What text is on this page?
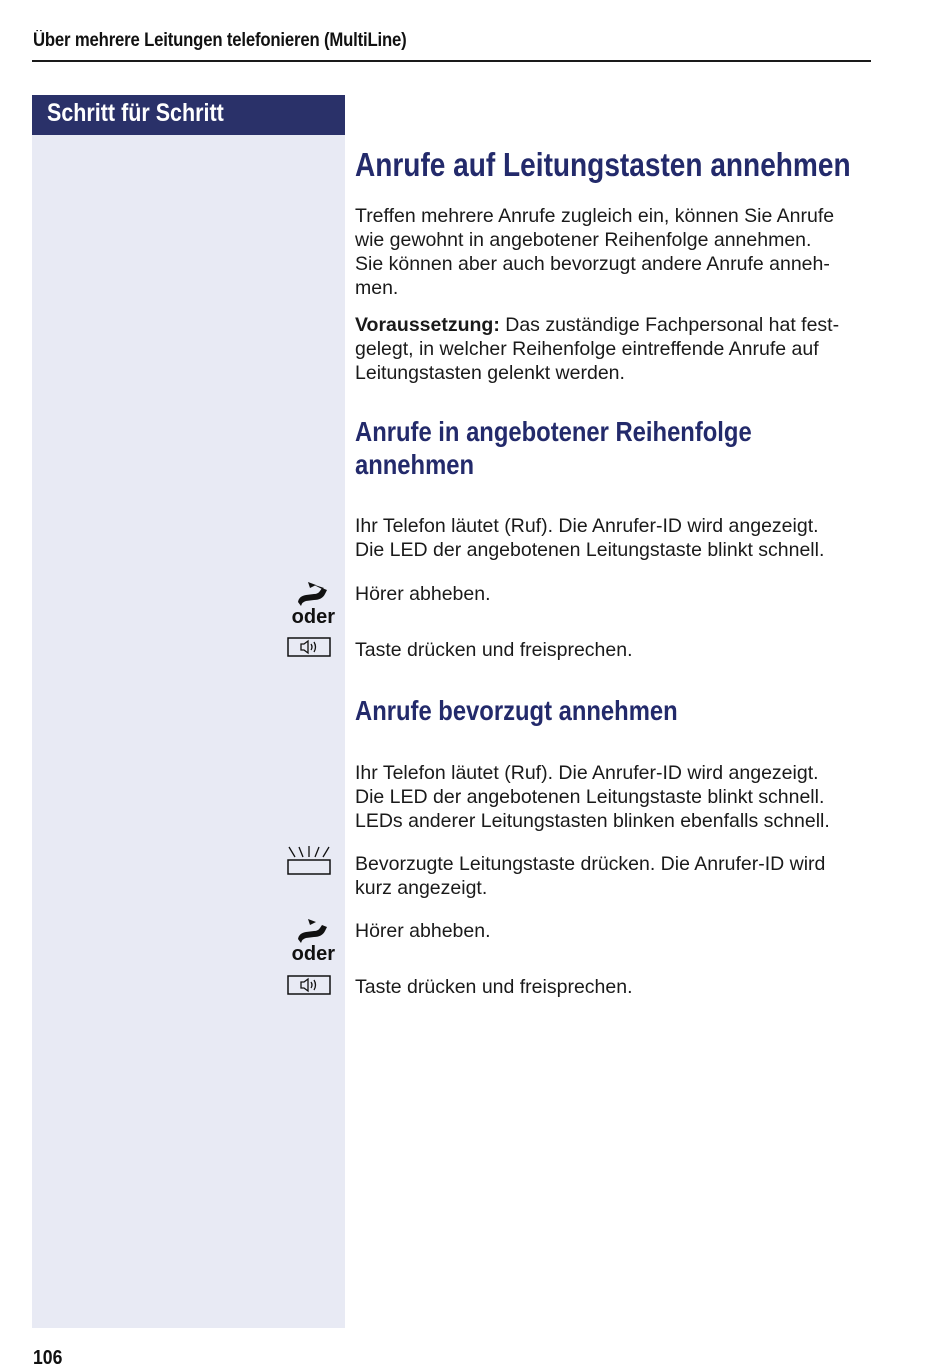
Über mehrere Leitungen telefonieren (MultiLine)
Schritt für Schritt
oder
oder
Anrufe auf Leitungstasten annehmen
Treffen mehrere Anrufe zugleich ein, können Sie Anrufe
wie gewohnt in angebotener Reihenfolge annehmen.
Sie können aber auch bevorzugt andere Anrufe anneh-
men.
Voraussetzung: Das zuständige Fachpersonal hat fest-
gelegt, in welcher Reihenfolge eintreffende Anrufe auf
Leitungstasten gelenkt werden.
Anrufe in angebotener Reihenfolge
annehmen
Ihr Telefon läutet (Ruf). Die Anrufer-ID wird angezeigt.
Die LED der angebotenen Leitungstaste blinkt schnell.
Hörer abheben.
Taste drücken und freisprechen.
Anrufe bevorzugt annehmen
Ihr Telefon läutet (Ruf). Die Anrufer-ID wird angezeigt.
Die LED der angebotenen Leitungstaste blinkt schnell.
LEDs anderer Leitungstasten blinken ebenfalls schnell.
Bevorzugte Leitungstaste drücken. Die Anrufer-ID wird
kurz angezeigt.
Hörer abheben.
Taste drücken und freisprechen.
106
